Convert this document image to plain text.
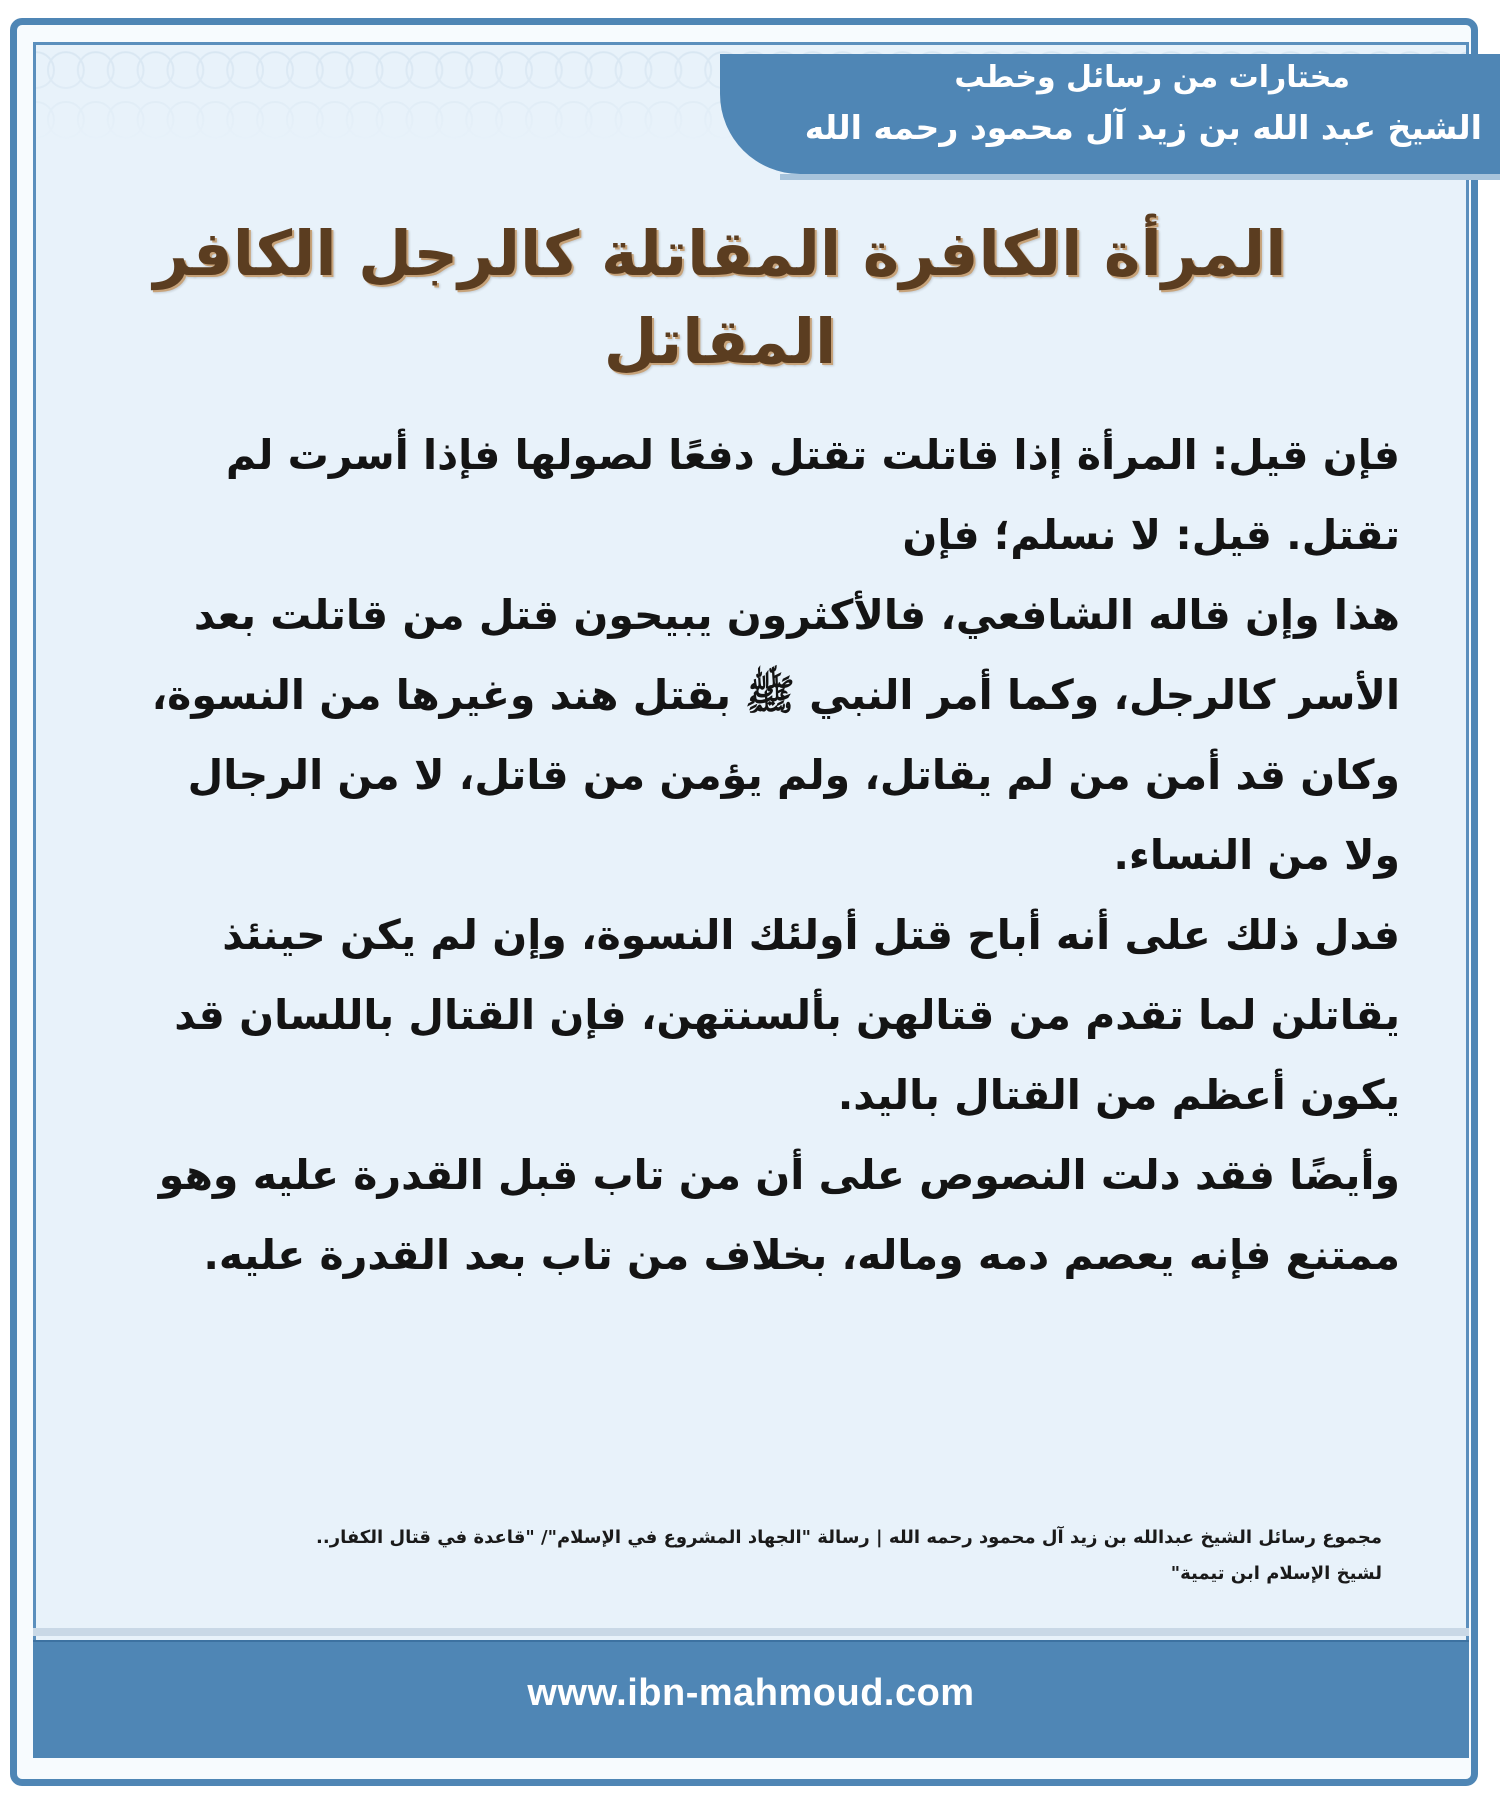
مختارات من رسائل وخطب
الشيخ عبد الله بن زيد آل محمود رحمه الله
المرأة الكافرة المقاتلة كالرجل الكافر المقاتل

فإن قيل: المرأة إذا قاتلت تقتل دفعًا لصولها فإذا أسرت لم تقتل. قيل: لا نسلم؛ فإن

هذا وإن قاله الشافعي، فالأكثرون يبيحون قتل من قاتلت بعد الأسر كالرجل، وكما أمر النبي ﷺ بقتل هند وغيرها من النسوة، وكان قد أمن من لم يقاتل، ولم يؤمن من قاتل، لا من الرجال ولا من النساء.

فدل ذلك على أنه أباح قتل أولئك النسوة، وإن لم يكن حينئذ يقاتلن لما تقدم من قتالهن بألسنتهن، فإن القتال باللسان قد يكون أعظم من القتال باليد.

وأيضًا فقد دلت النصوص على أن من تاب قبل القدرة عليه وهو ممتنع فإنه يعصم دمه وماله، بخلاف من تاب بعد القدرة عليه.

مجموع رسائل الشيخ عبدالله بن زيد آل محمود رحمه الله | رسالة "الجهاد المشروع في الإسلام"/ "قاعدة في قتال الكفار..
لشيخ الإسلام ابن تيمية"
www.ibn-mahmoud.com
